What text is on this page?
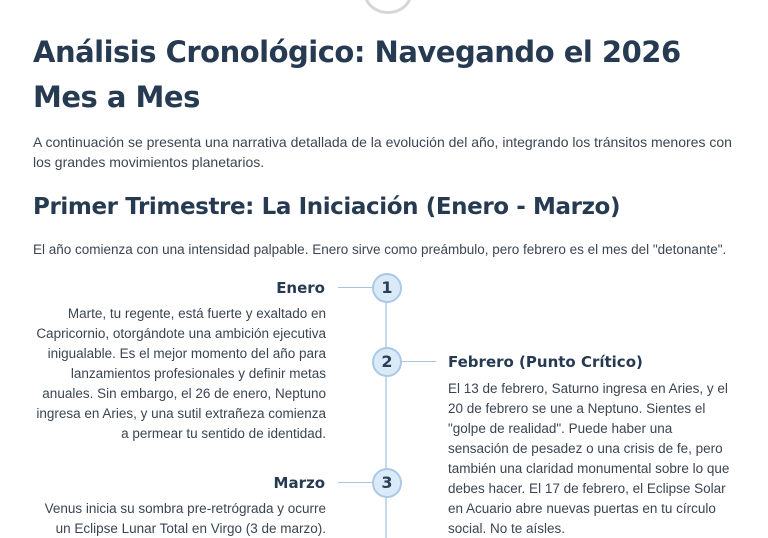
Análisis Cronológico: Navegando el 2026 Mes a Mes

A continuación se presenta una narrativa detallada de la evolución del año, integrando los tránsitos menores con los grandes movimientos planetarios.

Primer Trimestre: La Iniciación (Enero - Marzo)

El año comienza con una intensidad palpable. Enero sirve como preámbulo, pero febrero es el mes del "detonante".

1
Enero

Marte, tu regente, está fuerte y exaltado en Capricornio, otorgándote una ambición ejecutiva inigualable. Es el mejor momento del año para lanzamientos profesionales y definir metas anuales. Sin embargo, el 26 de enero, Neptuno ingresa en Aries, y una sutil extrañeza comienza a permear tu sentido de identidad.

2	Febrero (Punto Crítico)

El 13 de febrero, Saturno ingresa en Aries, y el 20 de febrero se une a Neptuno. Sientes el "golpe de realidad". Puede haber una sensación de pesadez o una crisis de fe, pero también una claridad monumental sobre lo que debes hacer. El 17 de febrero, el Eclipse Solar en Acuario abre nuevas puertas en tu círculo social. No te aísles.

3
Marzo

Venus inicia su sombra pre-retrógrada y ocurre un Eclipse Lunar Total en Virgo (3 de marzo).
